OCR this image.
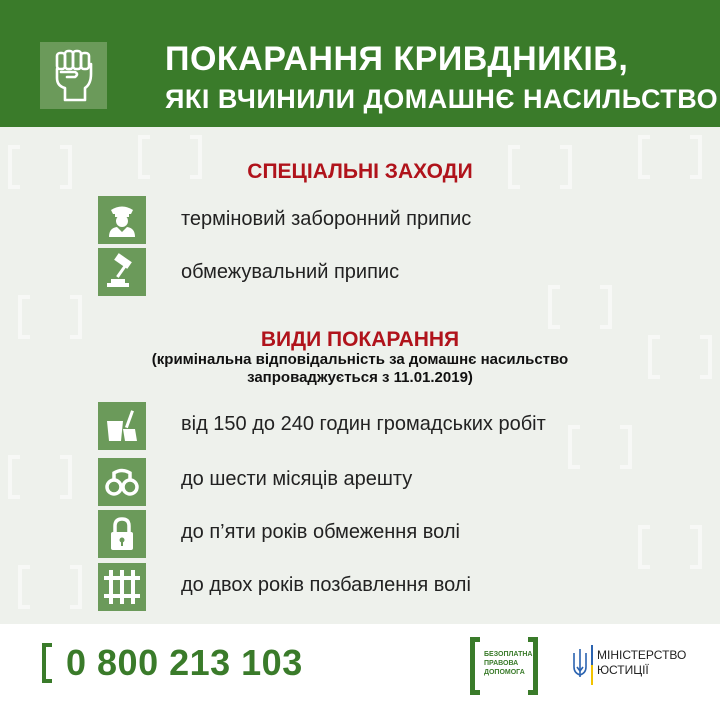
ПОКАРАННЯ КРИВДНИКІВ,
ЯКІ ВЧИНИЛИ ДОМАШНЄ НАСИЛЬСТВО
СПЕЦІАЛЬНІ ЗАХОДИ
терміновий заборонний припис
обмежувальний припис
ВИДИ ПОКАРАННЯ
(кримінальна відповідальність за домашнє насильство
запроваджується з 11.01.2019)
від 150 до 240 годин громадських робіт
до шести місяців арешту
до п’яти років обмеження волі
до двох років позбавлення волі
0 800 213 103	БЕЗОПЛАТНА
ПРАВОВА
ДОПОМОГА
МІНІСТЕРСТВО
ЮСТИЦІЇ
